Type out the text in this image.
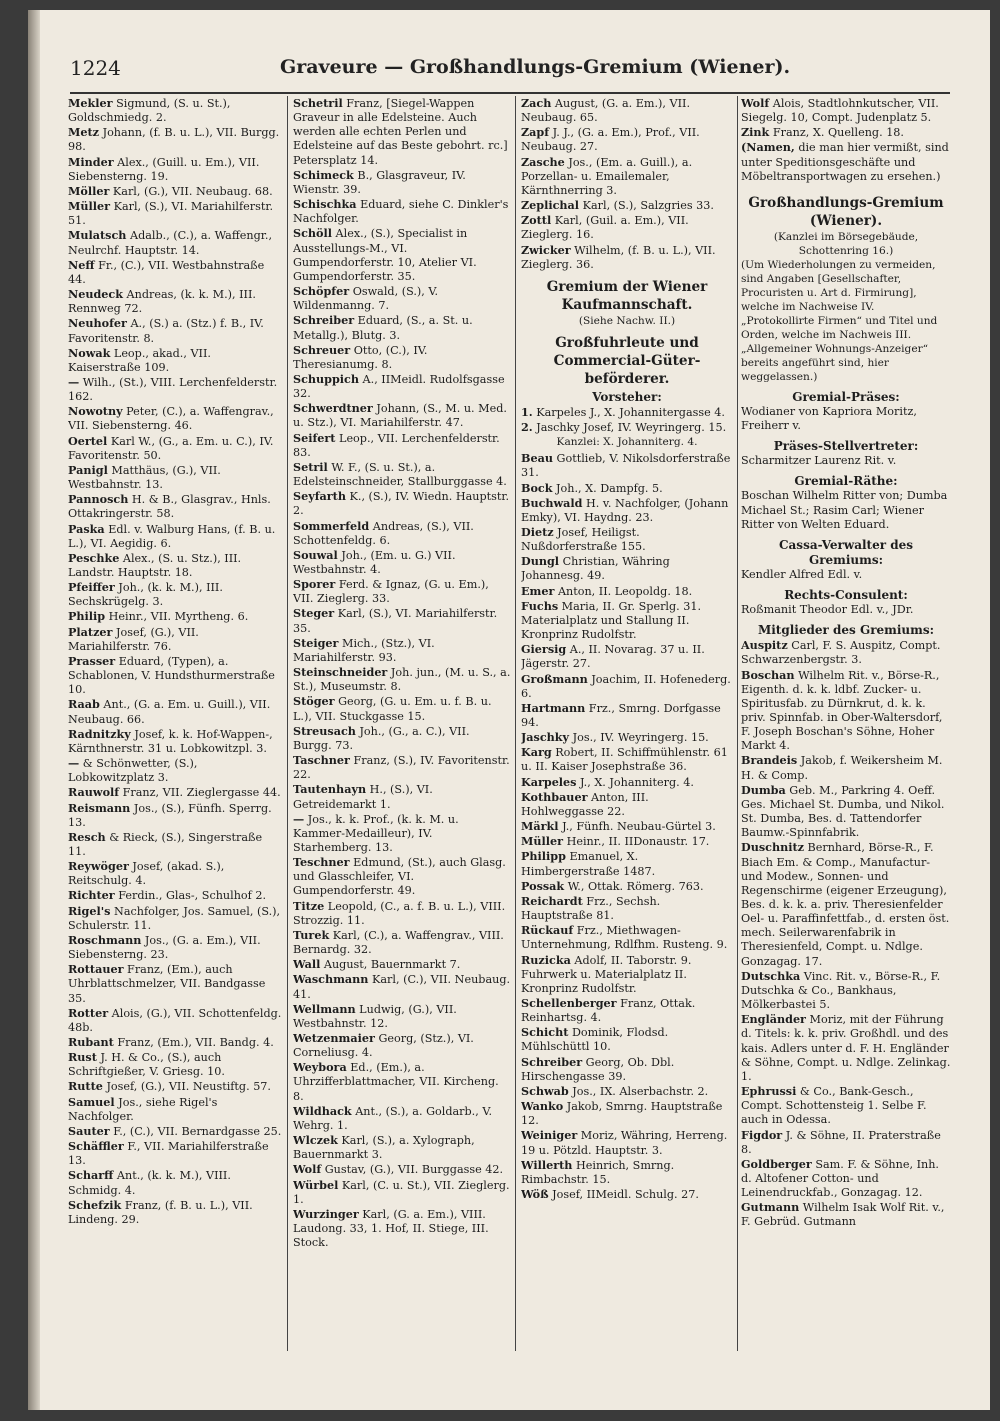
1224	Graveure — Großhandlungs-Gremium (Wiener).
Mekler Sigmund, (S. u. St.), Goldschmiedg. 2.
Metz Johann, (f. B. u. L.), VII. Burgg. 98.
Minder Alex., (Guill. u. Em.), VII. Siebensterng. 19.
Möller Karl, (G.), VII. Neubaug. 68.
Müller Karl, (S.), VI. Mariahilferstr. 51.
Mulatsch Adalb., (C.), a. Waffengr., Neulrchf. Hauptstr. 14.
Neff Fr., (C.), VII. Westbahnstraße 44.
Neudeck Andreas, (k. k. M.), III. Rennweg 72.
Neuhofer A., (S.) a. (Stz.) f. B., IV. Favoritenstr. 8.
Nowak Leop., akad., VII. Kaiserstraße 109.
— Wilh., (St.), VIII. Lerchenfelderstr. 162.
Nowotny Peter, (C.), a. Waffengrav., VII. Siebensterng. 46.
Oertel Karl W., (G., a. Em. u. C.), IV. Favoritenstr. 50.
Panigl Matthäus, (G.), VII. Westbahnstr. 13.
Pannosch H. & B., Glasgrav., Hnls. Ottakringerstr. 58.
Paska Edl. v. Walburg Hans, (f. B. u. L.), VI. Aegidig. 6.
Peschke Alex., (S. u. Stz.), III. Landstr. Hauptstr. 18.
Pfeiffer Joh., (k. k. M.), III. Sechskrügelg. 3.
Philip Heinr., VII. Myrtheng. 6.
Platzer Josef, (G.), VII. Mariahilferstr. 76.
Prasser Eduard, (Typen), a. Schablonen, V. Hundsthurmerstraße 10.
Raab Ant., (G. a. Em. u. Guill.), VII. Neubaug. 66.
Radnitzky Josef, k. k. Hof-Wappen-, Kärnthnerstr. 31 u. Lobkowitzpl. 3.
— & Schönwetter, (S.), Lobkowitzplatz 3.
Rauwolf Franz, VII. Zieglergasse 44.
Reismann Jos., (S.), Fünfh. Sperrg. 13.
Resch & Rieck, (S.), Singerstraße 11.
Reywöger Josef, (akad. S.), Reitschulg. 4.
Richter Ferdin., Glas-, Schulhof 2.
Rigel's Nachfolger, Jos. Samuel, (S.), Schulerstr. 11.
Roschmann Jos., (G. a. Em.), VII. Siebensterng. 23.
Rottauer Franz, (Em.), auch Uhrblattschmelzer, VII. Bandgasse 35.
Rotter Alois, (G.), VII. Schottenfeldg. 48b.
Rubant Franz, (Em.), VII. Bandg. 4.
Rust J. H. & Co., (S.), auch Schriftgießer, V. Griesg. 10.
Rutte Josef, (G.), VII. Neustiftg. 57.
Samuel Jos., siehe Rigel's Nachfolger.
Sauter F., (C.), VII. Bernardgasse 25.
Schäffler F., VII. Mariahilferstraße 13.
Scharff Ant., (k. k. M.), VIII. Schmidg. 4.
Schefzik Franz, (f. B. u. L.), VII. Lindeng. 29.
Schetril Franz, [Siegel-Wappen Graveur in alle Edelsteine. Auch werden alle echten Perlen und Edelsteine auf das Beste gebohrt. rc.] Petersplatz 14.
Schimeck B., Glasgraveur, IV. Wienstr. 39.
Schischka Eduard, siehe C. Dinkler's Nachfolger.
Schöll Alex., (S.), Specialist in Ausstellungs-M., VI. Gumpendorferstr. 10, Atelier VI. Gumpendorferstr. 35.
Schöpfer Oswald, (S.), V. Wildenmanng. 7.
Schreiber Eduard, (S., a. St. u. Metallg.), Blutg. 3.
Schreuer Otto, (C.), IV. Theresianumg. 8.
Schuppich A., IIMeidl. Rudolfsgasse 32.
Schwerdtner Johann, (S., M. u. Med. u. Stz.), VI. Mariahilferstr. 47.
Seifert Leop., VII. Lerchenfelderstr. 83.
Setril W. F., (S. u. St.), a. Edelsteinschneider, Stallburggasse 4.
Seyfarth K., (S.), IV. Wiedn. Hauptstr. 2.
Sommerfeld Andreas, (S.), VII. Schottenfeldg. 6.
Souwal Joh., (Em. u. G.) VII. Westbahnstr. 4.
Sporer Ferd. & Ignaz, (G. u. Em.), VII. Zieglerg. 33.
Steger Karl, (S.), VI. Mariahilferstr. 35.
Steiger Mich., (Stz.), VI. Mariahilferstr. 93.
Steinschneider Joh. jun., (M. u. S., a. St.), Museumstr. 8.
Stöger Georg, (G. u. Em. u. f. B. u. L.), VII. Stuckgasse 15.
Streusach Joh., (G., a. C.), VII. Burgg. 73.
Taschner Franz, (S.), IV. Favoritenstr. 22.
Tautenhayn H., (S.), VI. Getreidemarkt 1.
— Jos., k. k. Prof., (k. k. M. u. Kammer-Medailleur), IV. Starhemberg. 13.
Teschner Edmund, (St.), auch Glasg. und Glasschleifer, VI. Gumpendorferstr. 49.
Titze Leopold, (C., a. f. B. u. L.), VIII. Strozzig. 11.
Turek Karl, (C.), a. Waffengrav., VIII. Bernardg. 32.
Wall August, Bauernmarkt 7.
Waschmann Karl, (C.), VII. Neubaug. 41.
Wellmann Ludwig, (G.), VII. Westbahnstr. 12.
Wetzenmaier Georg, (Stz.), VI. Corneliusg. 4.
Weybora Ed., (Em.), a. Uhrzifferblattmacher, VII. Kircheng. 8.
Wildhack Ant., (S.), a. Goldarb., V. Wehrg. 1.
Wlczek Karl, (S.), a. Xylograph, Bauernmarkt 3.
Wolf Gustav, (G.), VII. Burggasse 42.
Würbel Karl, (C. u. St.), VII. Zieglerg. 1.
Wurzinger Karl, (G. a. Em.), VIII. Laudong. 33, 1. Hof, II. Stiege, III. Stock.
Zach August, (G. a. Em.), VII. Neubaug. 65.
Zapf J. J., (G. a. Em.), Prof., VII. Neubaug. 27.
Zasche Jos., (Em. a. Guill.), a. Porzellan- u. Emailemaler, Kärnthnerring 3.
Zeplichal Karl, (S.), Salzgries 33.
Zottl Karl, (Guil. a. Em.), VII. Zieglerg. 16.
Zwicker Wilhelm, (f. B. u. L.), VII. Zieglerg. 36.
Gremium der Wiener Kaufmannschaft.
(Siehe Nachw. II.)
Großfuhrleute und Commercial-Güter-beförderer.
Vorsteher:
1. Karpeles J., X. Johannitergasse 4.
2. Jaschky Josef, IV. Weyringerg. 15.
Kanzlei: X. Johanniterg. 4.
Beau Gottlieb, V. Nikolsdorferstraße 31.
Bock Joh., X. Dampfg. 5.
Buchwald H. v. Nachfolger, (Johann Emky), VI. Haydng. 23.
Dietz Josef, Heiligst. Nußdorferstraße 155.
Dungl Christian, Währing Johannesg. 49.
Emer Anton, II. Leopoldg. 18.
Fuchs Maria, II. Gr. Sperlg. 31. Materialplatz und Stallung II. Kronprinz Rudolfstr.
Giersig A., II. Novarag. 37 u. II. Jägerstr. 27.
Großmann Joachim, II. Hofenederg. 6.
Hartmann Frz., Smrng. Dorfgasse 94.
Jaschky Jos., IV. Weyringerg. 15.
Karg Robert, II. Schiffmühlenstr. 61 u. II. Kaiser Josephstraße 36.
Karpeles J., X. Johanniterg. 4.
Kothbauer Anton, III. Hohlweggasse 22.
Märkl J., Fünfh. Neubau-Gürtel 3.
Müller Heinr., II. IIDonaustr. 17.
Philipp Emanuel, X. Himbergerstraße 1487.
Possak W., Ottak. Römerg. 763.
Reichardt Frz., Sechsh. Hauptstraße 81.
Rückauf Frz., Miethwagen-Unternehmung, Rdlfhm. Rusteng. 9.
Ruzicka Adolf, II. Taborstr. 9. Fuhrwerk u. Materialplatz II. Kronprinz Rudolfstr.
Schellenberger Franz, Ottak. Reinhartsg. 4.
Schicht Dominik, Flodsd. Mühlschüttl 10.
Schreiber Georg, Ob. Dbl. Hirschengasse 39.
Schwab Jos., IX. Alserbachstr. 2.
Wanko Jakob, Smrng. Hauptstraße 12.
Weiniger Moriz, Währing, Herreng. 19 u. Pötzld. Hauptstr. 3.
Willerth Heinrich, Smrng. Rimbachstr. 15.
Wöß Josef, IIMeidl. Schulg. 27.
Wolf Alois, Stadtlohnkutscher, VII. Siegelg. 10, Compt. Judenplatz 5.
Zink Franz, X. Quelleng. 18.
(Namen, die man hier vermißt, sind unter Speditionsgeschäfte und Möbeltransportwagen zu ersehen.)
Großhandlungs-Gremium (Wiener).
(Kanzlei im Börsegebäude, Schottenring 16.)
(Um Wiederholungen zu vermeiden, sind Angaben [Gesellschafter, Procuristen u. Art d. Firmirung], welche im Nachweise IV. „Protokollirte Firmen“ und Titel und Orden, welche im Nachweis III. „Allgemeiner Wohnungs-Anzeiger“ bereits angeführt sind, hier weggelassen.)
Gremial-Präses:
Wodianer von Kapriora Moritz, Freiherr v.
Präses-Stellvertreter:
Scharmitzer Laurenz Rit. v.
Gremial-Räthe:
Boschan Wilhelm Ritter von; Dumba Michael St.; Rasim Carl; Wiener Ritter von Welten Eduard.
Cassa-Verwalter des Gremiums:
Kendler Alfred Edl. v.
Rechts-Consulent:
Roßmanit Theodor Edl. v., JDr.
Mitglieder des Gremiums:
Auspitz Carl, F. S. Auspitz, Compt. Schwarzenbergstr. 3.
Boschan Wilhelm Rit. v., Börse-R., Eigenth. d. k. k. ldbf. Zucker- u. Spiritusfab. zu Dürnkrut, d. k. k. priv. Spinnfab. in Ober-Waltersdorf, F. Joseph Boschan's Söhne, Hoher Markt 4.
Brandeis Jakob, f. Weikersheim M. H. & Comp.
Dumba Geb. M., Parkring 4. Oeff. Ges. Michael St. Dumba, und Nikol. St. Dumba, Bes. d. Tattendorfer Baumw.-Spinnfabrik.
Duschnitz Bernhard, Börse-R., F. Biach Em. & Comp., Manufactur- und Modew., Sonnen- und Regenschirme (eigener Erzeugung), Bes. d. k. k. a. priv. Theresienfelder Oel- u. Paraffinfettfab., d. ersten öst. mech. Seilerwarenfabrik in Theresienfeld, Compt. u. Ndlge. Gonzagag. 17.
Dutschka Vinc. Rit. v., Börse-R., F. Dutschka & Co., Bankhaus, Mölkerbastei 5.
Engländer Moriz, mit der Führung d. Titels: k. k. priv. Großhdl. und des kais. Adlers unter d. F. H. Engländer & Söhne, Compt. u. Ndlge. Zelinkag. 1.
Ephrussi & Co., Bank-Gesch., Compt. Schottensteig 1. Selbe F. auch in Odessa.
Figdor J. & Söhne, II. Praterstraße 8.
Goldberger Sam. F. & Söhne, Inh. d. Altofener Cotton- und Leinendruckfab., Gonzagag. 12.
Gutmann Wilhelm Isak Wolf Rit. v., F. Gebrüd. Gutmann
